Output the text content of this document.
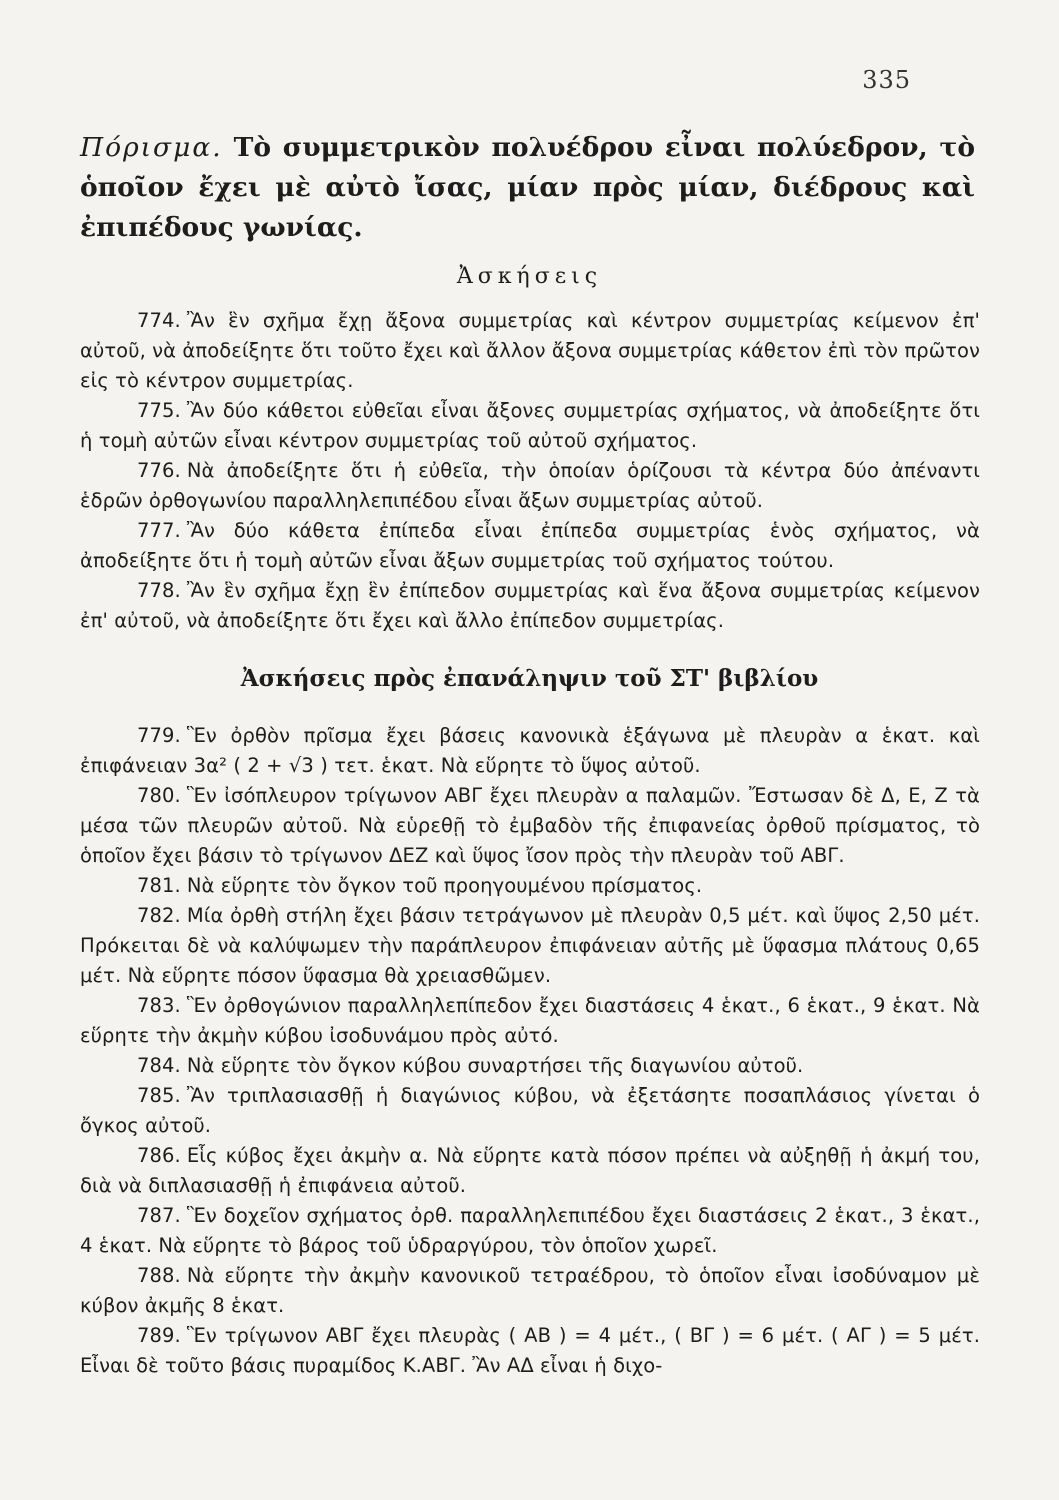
335

Πόρισμα. Τὸ συμμετρικὸν πολυέδρου εἶναι πολύεδρον, τὸ ὁποῖον ἔχει μὲ αὐτὸ ἴσας, μίαν πρὸς μίαν, διέδρους καὶ ἐπιπέδους γωνίας.

Ἀσκήσεις

774. Ἂν ἓν σχῆμα ἔχῃ ἄξονα συμμετρίας καὶ κέντρον συμμετρίας κείμενον ἐπ' αὐτοῦ, νὰ ἀποδείξητε ὅτι τοῦτο ἔχει καὶ ἄλλον ἄξονα συμμετρίας κάθετον ἐπὶ τὸν πρῶτον εἰς τὸ κέντρον συμμετρίας.

775. Ἂν δύο κάθετοι εὐθεῖαι εἶναι ἄξονες συμμετρίας σχήματος, νὰ ἀποδείξητε ὅτι ἡ τομὴ αὐτῶν εἶναι κέντρον συμμετρίας τοῦ αὐτοῦ σχήματος.

776. Νὰ ἀποδείξητε ὅτι ἡ εὐθεῖα, τὴν ὁποίαν ὁρίζουσι τὰ κέντρα δύο ἀπέναντι ἑδρῶν ὀρθογωνίου παραλληλεπιπέδου εἶναι ἄξων συμμετρίας αὐτοῦ.

777. Ἂν δύο κάθετα ἐπίπεδα εἶναι ἐπίπεδα συμμετρίας ἑνὸς σχήματος, νὰ ἀποδείξητε ὅτι ἡ τομὴ αὐτῶν εἶναι ἄξων συμμετρίας τοῦ σχήματος τούτου.

778. Ἂν ἓν σχῆμα ἔχῃ ἓν ἐπίπεδον συμμετρίας καὶ ἕνα ἄξονα συμμετρίας κείμενον ἐπ' αὐτοῦ, νὰ ἀποδείξητε ὅτι ἔχει καὶ ἄλλο ἐπίπεδον συμμετρίας.

Ἀσκήσεις πρὸς ἐπανάληψιν τοῦ ΣΤ' βιβλίου

779. Ἓν ὀρθὸν πρῖσμα ἔχει βάσεις κανονικὰ ἑξάγωνα μὲ πλευρὰν α ἑκατ. καὶ ἐπιφάνειαν 3α² ( 2 + √3 ) τετ. ἑκατ. Νὰ εὕρητε τὸ ὕψος αὐτοῦ.

780. Ἓν ἰσόπλευρον τρίγωνον ΑΒΓ ἔχει πλευρὰν α παλαμῶν. Ἔστωσαν δὲ Δ, Ε, Ζ τὰ μέσα τῶν πλευρῶν αὐτοῦ. Νὰ εὑρεθῇ τὸ ἐμβαδὸν τῆς ἐπιφανείας ὀρθοῦ πρίσματος, τὸ ὁποῖον ἔχει βάσιν τὸ τρίγωνον ΔΕΖ καὶ ὕψος ἴσον πρὸς τὴν πλευρὰν τοῦ ΑΒΓ.

781. Νὰ εὕρητε τὸν ὄγκον τοῦ προηγουμένου πρίσματος.

782. Μία ὀρθὴ στήλη ἔχει βάσιν τετράγωνον μὲ πλευρὰν 0,5 μέτ. καὶ ὕψος 2,50 μέτ. Πρόκειται δὲ νὰ καλύψωμεν τὴν παράπλευρον ἐπιφάνειαν αὐτῆς μὲ ὕφασμα πλάτους 0,65 μέτ. Νὰ εὕρητε πόσον ὕφασμα θὰ χρειασθῶμεν.

783. Ἓν ὀρθογώνιον παραλληλεπίπεδον ἔχει διαστάσεις 4 ἑκατ., 6 ἑκατ., 9 ἑκατ. Νὰ εὕρητε τὴν ἀκμὴν κύβου ἰσοδυνάμου πρὸς αὐτό.

784. Νὰ εὕρητε τὸν ὄγκον κύβου συναρτήσει τῆς διαγωνίου αὐτοῦ.

785. Ἂν τριπλασιασθῇ ἡ διαγώνιος κύβου, νὰ ἐξετάσητε ποσαπλάσιος γίνεται ὁ ὄγκος αὐτοῦ.

786. Εἷς κύβος ἔχει ἀκμὴν α. Νὰ εὕρητε κατὰ πόσον πρέπει νὰ αὐξηθῇ ἡ ἀκμή του, διὰ νὰ διπλασιασθῇ ἡ ἐπιφάνεια αὐτοῦ.

787. Ἓν δοχεῖον σχήματος ὀρθ. παραλληλεπιπέδου ἔχει διαστάσεις 2 ἑκατ., 3 ἑκατ., 4 ἑκατ. Νὰ εὕρητε τὸ βάρος τοῦ ὑδραργύρου, τὸν ὁποῖον χωρεῖ.

788. Νὰ εὕρητε τὴν ἀκμὴν κανονικοῦ τετραέδρου, τὸ ὁποῖον εἶναι ἰσοδύναμον μὲ κύβον ἀκμῆς 8 ἑκατ.

789. Ἓν τρίγωνον ΑΒΓ ἔχει πλευρὰς ( ΑΒ ) = 4 μέτ., ( ΒΓ ) = 6 μέτ. ( ΑΓ ) = 5 μέτ. Εἶναι δὲ τοῦτο βάσις πυραμίδος Κ.ΑΒΓ. Ἂν ΑΔ εἶναι ἡ διχο-
